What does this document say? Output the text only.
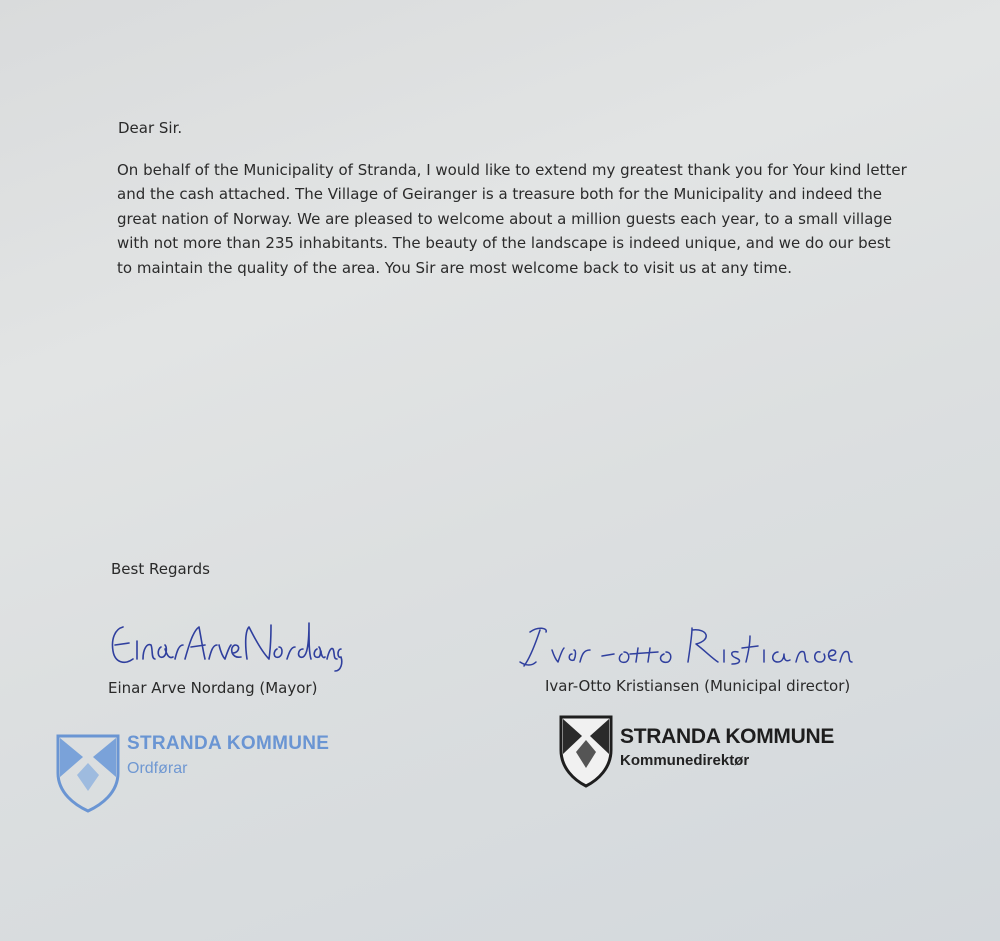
Dear Sir.

On behalf of the Municipality of Stranda, I would like to extend my greatest thank you for Your kind letter and the cash attached. The Village of Geiranger is a treasure both for the Municipality and indeed the great nation of Norway. We are pleased to welcome about a million guests each year, to a small village with not more than 235 inhabitants. The beauty of the landscape is indeed unique, and we do our best to maintain the quality of the area. You Sir are most welcome back to visit us at any time.

Best Regards
Einar Arve Nordang (Mayor)	Ivar-Otto Kristiansen (Municipal director)
STRANDA KOMMUNE
Ordførar
STRANDA KOMMUNE
Kommunedirektør
